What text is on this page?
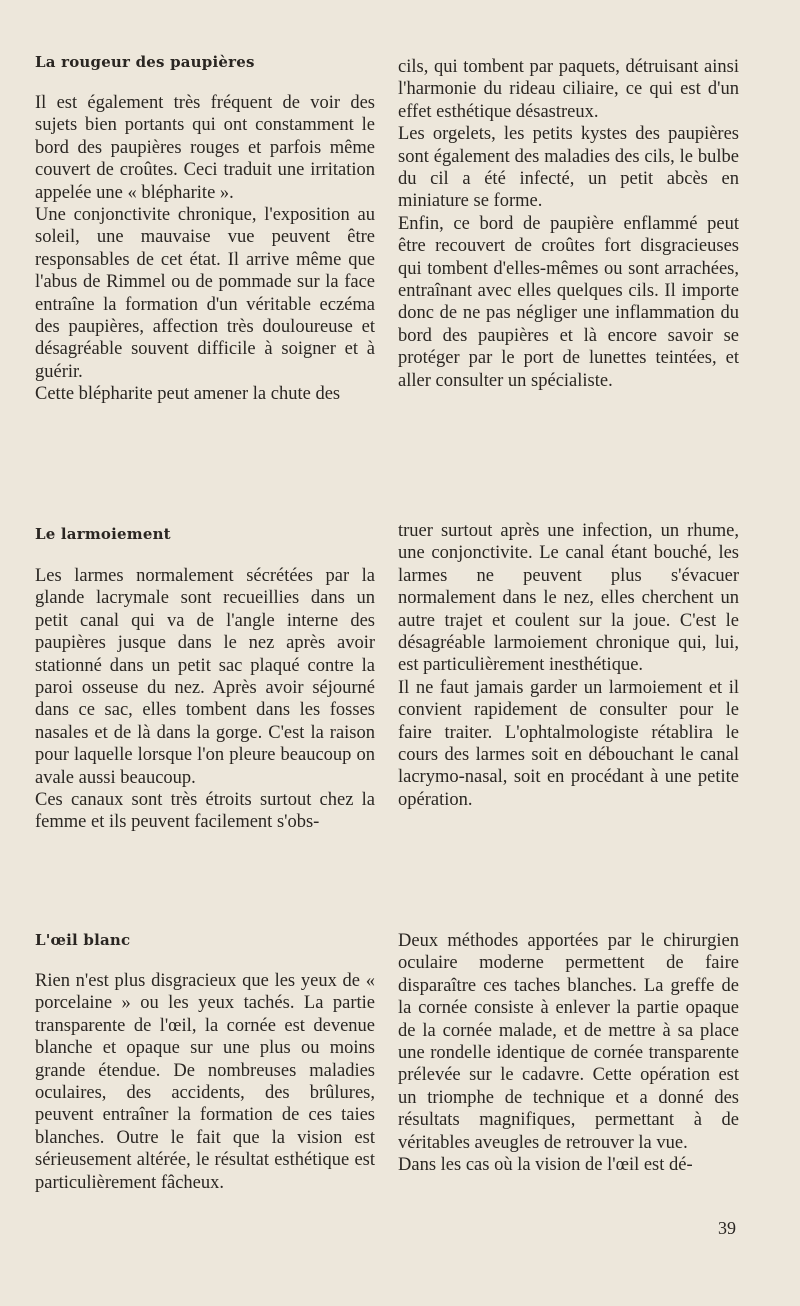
La rougeur des paupières

Il est également très fréquent de voir des sujets bien portants qui ont constamment le bord des paupières rouges et parfois même couvert de croûtes. Ceci traduit une irritation appelée une « blépharite ».

Une conjonctivite chronique, l'exposition au soleil, une mauvaise vue peuvent être responsables de cet état. Il arrive même que l'abus de Rimmel ou de pommade sur la face entraîne la formation d'un véritable eczéma des paupières, affection très douloureuse et désagréable souvent difficile à soigner et à guérir.

Cette blépharite peut amener la chute des

cils, qui tombent par paquets, détruisant ainsi l'harmonie du rideau ciliaire, ce qui est d'un effet esthétique désastreux.

Les orgelets, les petits kystes des paupières sont également des maladies des cils, le bulbe du cil a été infecté, un petit abcès en miniature se forme.

Enfin, ce bord de paupière enflammé peut être recouvert de croûtes fort disgracieuses qui tombent d'elles-mêmes ou sont arrachées, entraînant avec elles quelques cils. Il importe donc de ne pas négliger une inflammation du bord des paupières et là encore savoir se protéger par le port de lunettes teintées, et aller consulter un spécialiste.

Le larmoiement

Les larmes normalement sécrétées par la glande lacrymale sont recueillies dans un petit canal qui va de l'angle interne des paupières jusque dans le nez après avoir stationné dans un petit sac plaqué contre la paroi osseuse du nez. Après avoir séjourné dans ce sac, elles tombent dans les fosses nasales et de là dans la gorge. C'est la raison pour laquelle lorsque l'on pleure beaucoup on avale aussi beaucoup.

Ces canaux sont très étroits surtout chez la femme et ils peuvent facilement s'obs-

truer surtout après une infection, un rhume, une conjonctivite. Le canal étant bouché, les larmes ne peuvent plus s'évacuer normalement dans le nez, elles cherchent un autre trajet et coulent sur la joue. C'est le désagréable larmoiement chronique qui, lui, est particulièrement inesthétique.

Il ne faut jamais garder un larmoiement et il convient rapidement de consulter pour le faire traiter. L'ophtalmologiste rétablira le cours des larmes soit en débouchant le canal lacrymo-nasal, soit en procédant à une petite opération.

L'œil blanc

Rien n'est plus disgracieux que les yeux de « porcelaine » ou les yeux tachés. La partie transparente de l'œil, la cornée est devenue blanche et opaque sur une plus ou moins grande étendue. De nombreuses maladies oculaires, des accidents, des brûlures, peuvent entraîner la formation de ces taies blanches. Outre le fait que la vision est sérieusement altérée, le résultat esthétique est particulièrement fâcheux.

Deux méthodes apportées par le chirurgien oculaire moderne permettent de faire disparaître ces taches blanches. La greffe de la cornée consiste à enlever la partie opaque de la cornée malade, et de mettre à sa place une rondelle identique de cornée transparente prélevée sur le cadavre. Cette opération est un triomphe de technique et a donné des résultats magnifiques, permettant à de véritables aveugles de retrouver la vue.

Dans les cas où la vision de l'œil est dé-

39
